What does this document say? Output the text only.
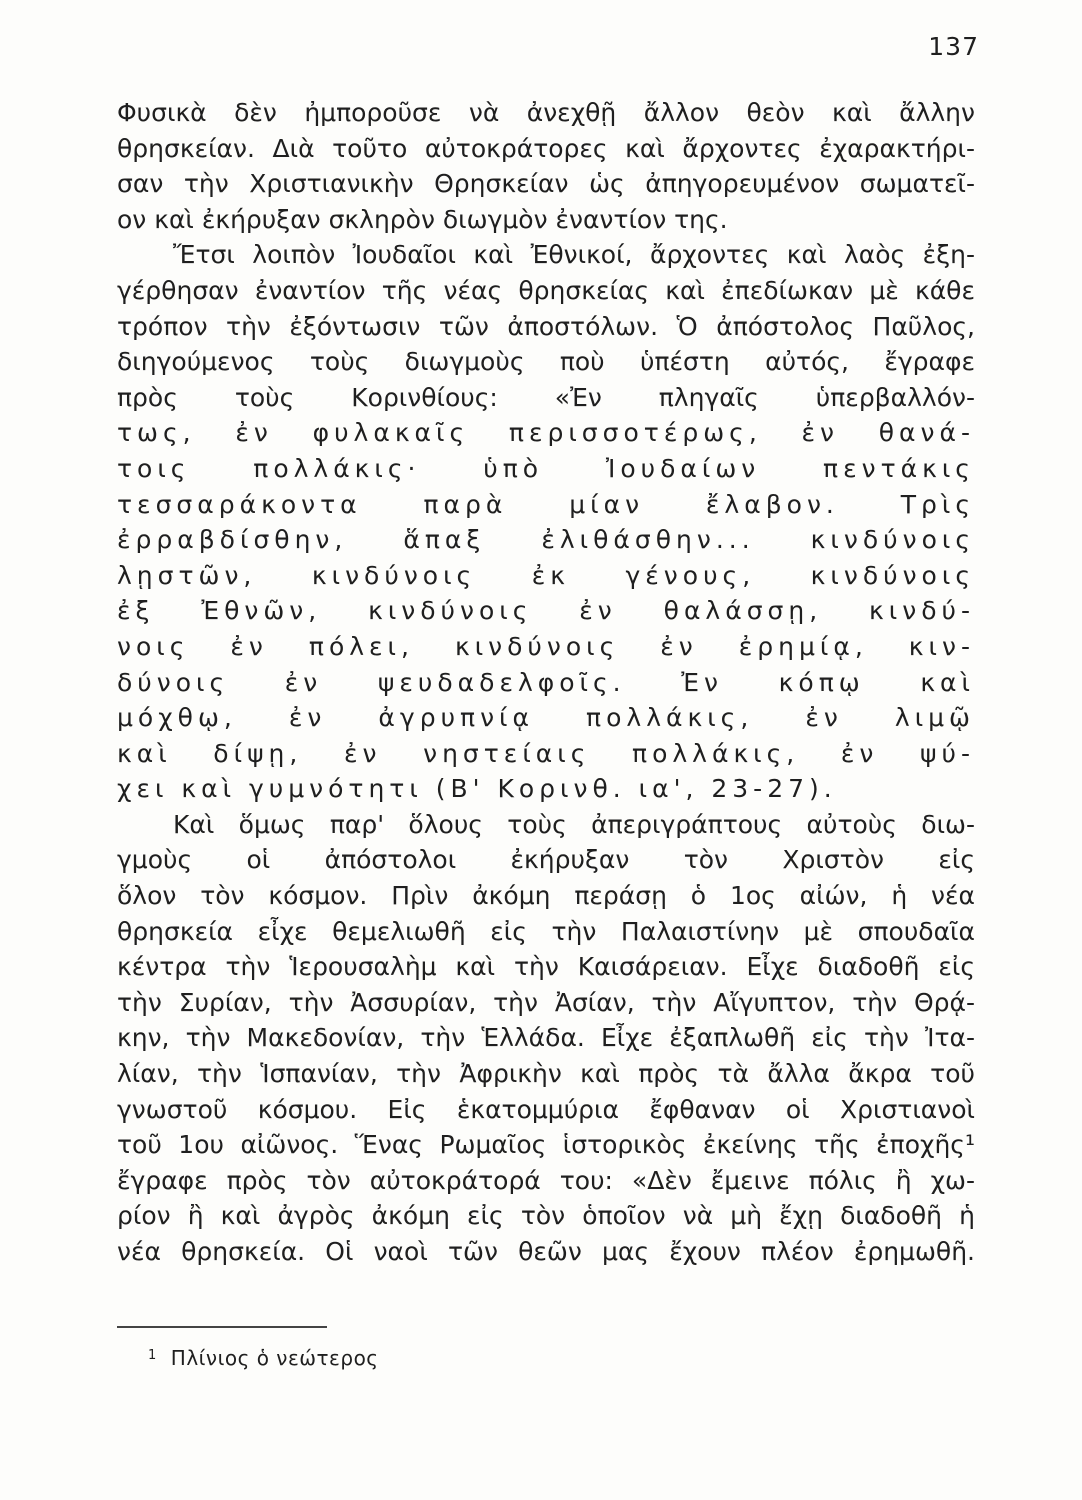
137
Φυσικὰ δὲν ἠμποροῦσε νὰ ἀνεχθῇ ἄλλον θεὸν καὶ ἄλλην
θρησκείαν. Διὰ τοῦτο αὐτοκράτορες καὶ ἄρχοντες ἐχαρακτήρι-
σαν τὴν Χριστιανικὴν Θρησκείαν ὡς ἀπηγορευμένον σωματεῖ-
ον καὶ ἐκήρυξαν σκληρὸν διωγμὸν ἐναντίον της.
Ἔτσι λοιπὸν Ἰουδαῖοι καὶ Ἐθνικοί, ἄρχοντες καὶ λαὸς ἐξη-
γέρθησαν ἐναντίον τῆς νέας θρησκείας καὶ ἐπεδίωκαν μὲ κάθε
τρόπον τὴν ἐξόντωσιν τῶν ἀποστόλων. Ὁ ἀπόστολος Παῦλος,
διηγούμενος τοὺς διωγμοὺς ποὺ ὑπέστη αὐτός, ἔγραφε
πρὸς τοὺς Κορινθίους: «Ἐν πληγαῖς ὑπερβαλλόν-
τως, ἐν φυλακαῖς περισσοτέρως, ἐν θανά-
τοις πολλάκις· ὑπὸ Ἰουδαίων πεντάκις
τεσσαράκοντα παρὰ μίαν ἔλαβον. Τρὶς
ἐρραβδίσθην, ἅπαξ ἐλιθάσθην... κινδύνοις
λῃστῶν, κινδύνοις ἐκ γένους, κινδύνοις
ἐξ Ἐθνῶν, κινδύνοις ἐν θαλάσσῃ, κινδύ-
νοις ἐν πόλει, κινδύνοις ἐν ἐρημίᾳ, κιν-
δύνοις ἐν ψευδαδελφοῖς. Ἐν κόπῳ καὶ
μόχθῳ, ἐν ἀγρυπνίᾳ πολλάκις, ἐν λιμῷ
καὶ δίψῃ, ἐν νηστείαις πολλάκις, ἐν ψύ-
χει καὶ γυμνότητι (Β' Κορινθ. ια', 23-27).
Καὶ ὅμως παρ' ὅλους τοὺς ἀπεριγράπτους αὐτοὺς διω-
γμοὺς οἱ ἀπόστολοι ἐκήρυξαν τὸν Χριστὸν εἰς
ὅλον τὸν κόσμον. Πρὶν ἀκόμη περάσῃ ὁ 1ος αἰών, ἡ νέα
θρησκεία εἶχε θεμελιωθῆ εἰς τὴν Παλαιστίνην μὲ σπουδαῖα
κέντρα τὴν Ἱερουσαλὴμ καὶ τὴν Καισάρειαν. Εἶχε διαδοθῆ εἰς
τὴν Συρίαν, τὴν Ἀσσυρίαν, τὴν Ἀσίαν, τὴν Αἴγυπτον, τὴν Θρᾴ-
κην, τὴν Μακεδονίαν, τὴν Ἑλλάδα. Εἶχε ἐξαπλωθῆ εἰς τὴν Ἰτα-
λίαν, τὴν Ἱσπανίαν, τὴν Ἀφρικὴν καὶ πρὸς τὰ ἄλλα ἄκρα τοῦ
γνωστοῦ κόσμου. Εἰς ἑκατομμύρια ἔφθαναν οἱ Χριστιανοὶ
τοῦ 1ου αἰῶνος. Ἕνας Ρωμαῖος ἱστορικὸς ἐκείνης τῆς ἐποχῆς¹
ἔγραφε πρὸς τὸν αὐτοκράτορά του: «Δὲν ἔμεινε πόλις ἢ χω-
ρίον ἢ καὶ ἀγρὸς ἀκόμη εἰς τὸν ὁποῖον νὰ μὴ ἔχῃ διαδοθῆ ἡ
νέα θρησκεία. Οἱ ναοὶ τῶν θεῶν μας ἔχουν πλέον ἐρημωθῆ.
$^1$ Πλίνιος ὁ νεώτερος
